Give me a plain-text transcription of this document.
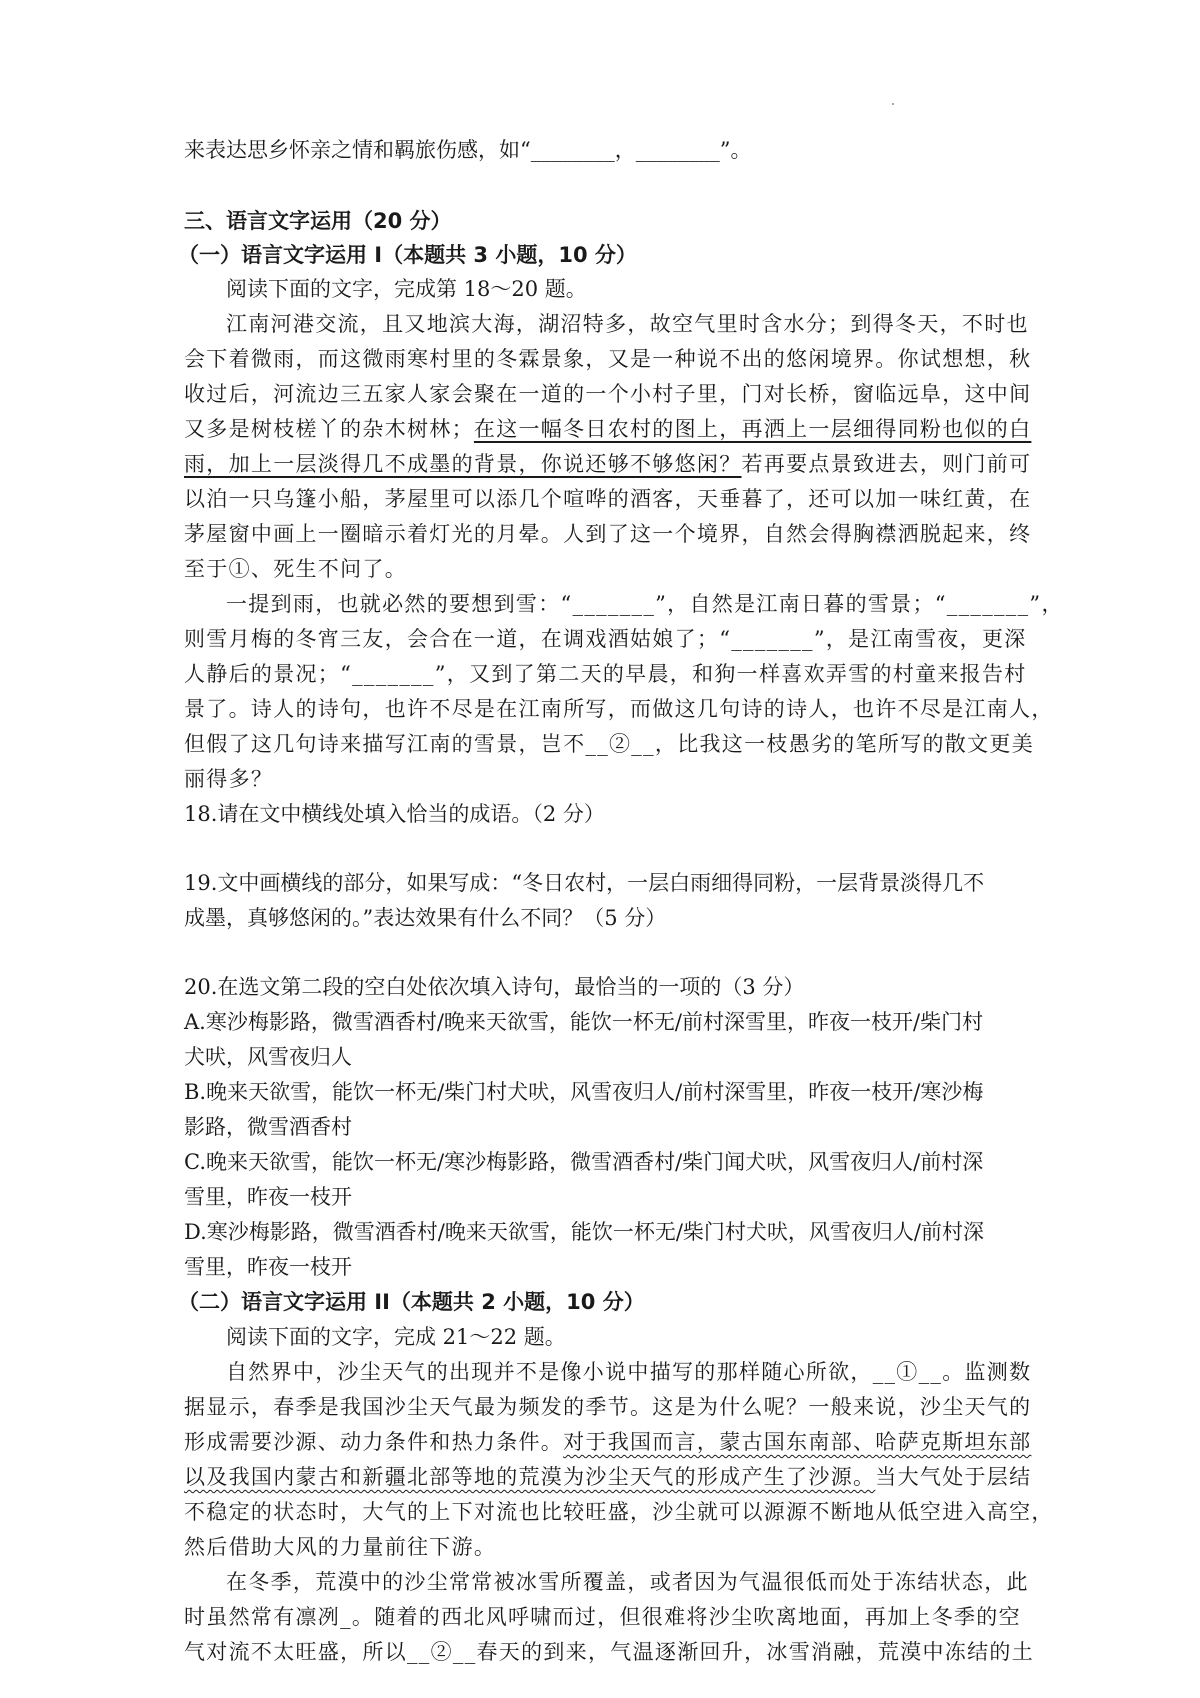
来表达思乡怀亲之情和羁旅伤感，如“________，________”。
三、语言文字运用（20 分）
（一）语言文字运用 I（本题共 3 小题，10 分）
阅读下面的文字，完成第 18～20 题。
江南河港交流，且又地滨大海，湖沼特多，故空气里时含水分；到得冬天，不时也
会下着微雨，而这微雨寒村里的冬霖景象，又是一种说不出的悠闲境界。你试想想，秋
收过后，河流边三五家人家会聚在一道的一个小村子里，门对长桥，窗临远阜，这中间
又多是树枝槎丫的杂木树林；在这一幅冬日农村的图上，再洒上一层细得同粉也似的白
雨，加上一层淡得几不成墨的背景，你说还够不够悠闲？若再要点景致进去，则门前可
以泊一只乌篷小船，茅屋里可以添几个喧哗的酒客，天垂暮了，还可以加一味红黄，在
茅屋窗中画上一圈暗示着灯光的月晕。人到了这一个境界，自然会得胸襟洒脱起来，终
至于①、死生不问了。
一提到雨，也就必然的要想到雪：“_______”，自然是江南日暮的雪景；“_______”，
则雪月梅的冬宵三友，会合在一道，在调戏酒姑娘了；“_______”，是江南雪夜，更深
人静后的景况；“_______”，又到了第二天的早晨，和狗一样喜欢弄雪的村童来报告村
景了。诗人的诗句，也许不尽是在江南所写，而做这几句诗的诗人，也许不尽是江南人，
但假了这几句诗来描写江南的雪景，岂不__②__，比我这一枝愚劣的笔所写的散文更美
丽得多？
18.请在文中横线处填入恰当的成语。（2 分）
19.文中画横线的部分，如果写成：“冬日农村，一层白雨细得同粉，一层背景淡得几不
成墨，真够悠闲的。”表达效果有什么不同？（5 分）
20.在选文第二段的空白处依次填入诗句，最恰当的一项的（3 分）
A.寒沙梅影路，微雪酒香村/晚来天欲雪，能饮一杯无/前村深雪里，昨夜一枝开/柴门村
犬吠，风雪夜归人
B.晚来天欲雪，能饮一杯无/柴门村犬吠，风雪夜归人/前村深雪里，昨夜一枝开/寒沙梅
影路，微雪酒香村
C.晚来天欲雪，能饮一杯无/寒沙梅影路，微雪酒香村/柴门闻犬吠，风雪夜归人/前村深
雪里，昨夜一枝开
D.寒沙梅影路，微雪酒香村/晚来天欲雪，能饮一杯无/柴门村犬吠，风雪夜归人/前村深
雪里，昨夜一枝开
（二）语言文字运用 II（本题共 2 小题，10 分）
阅读下面的文字，完成 21～22 题。
自然界中，沙尘天气的出现并不是像小说中描写的那样随心所欲，__①__。监测数
据显示，春季是我国沙尘天气最为频发的季节。这是为什么呢？一般来说，沙尘天气的
形成需要沙源、动力条件和热力条件。对于我国而言，蒙古国东南部、哈萨克斯坦东部
以及我国内蒙古和新疆北部等地的荒漠为沙尘天气的形成产生了沙源。当大气处于层结
不稳定的状态时，大气的上下对流也比较旺盛，沙尘就可以源源不断地从低空进入高空，
然后借助大风的力量前往下游。
在冬季，荒漠中的沙尘常常被冰雪所覆盖，或者因为气温很低而处于冻结状态，此
时虽然常有凛冽_。随着的西北风呼啸而过，但很难将沙尘吹离地面，再加上冬季的空
气对流不太旺盛，所以__②__春天的到来，气温逐渐回升，冰雪消融，荒漠中冻结的土
